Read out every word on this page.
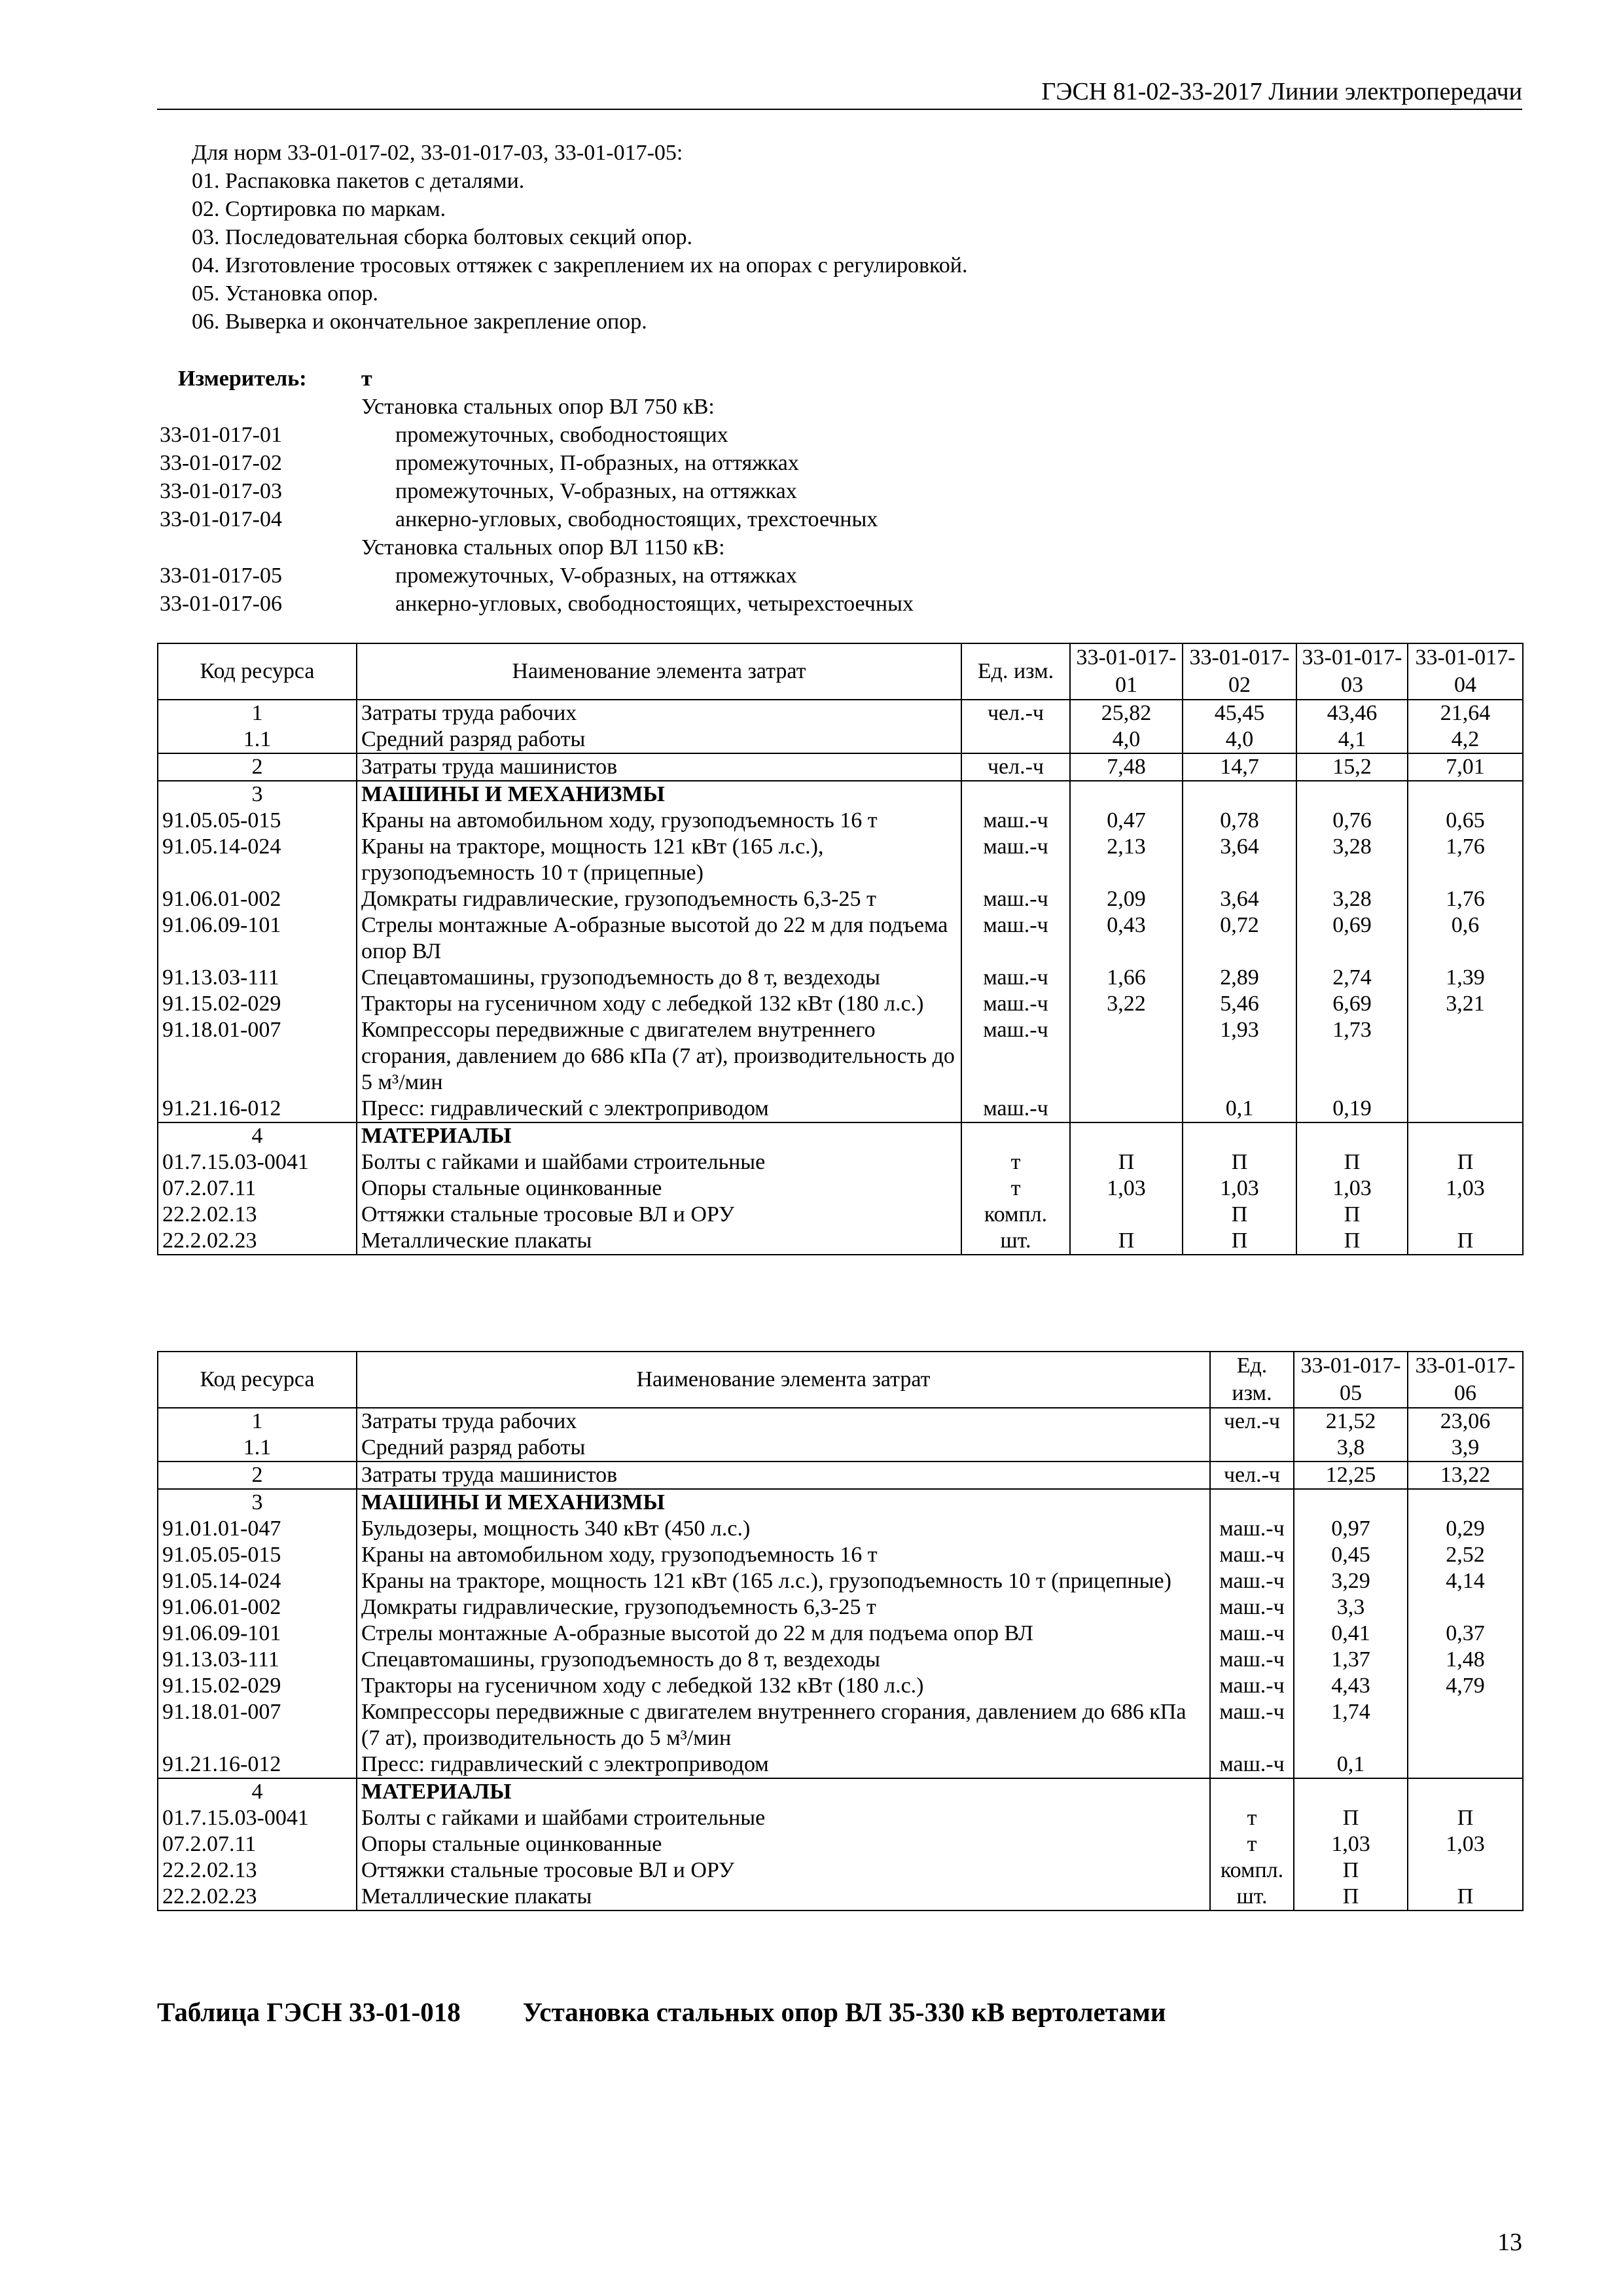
ГЭСН 81-02-33-2017 Линии электропередачи
Для норм 33-01-017-02, 33-01-017-03, 33-01-017-05:
01. Распаковка пакетов с деталями.
02. Сортировка по маркам.
03. Последовательная сборка болтовых секций опор.
04. Изготовление тросовых оттяжек с закреплением их на опорах с регулировкой.
05. Установка опор.
06. Выверка и окончательное закрепление опор.
Измеритель: т
Установка стальных опор ВЛ 750 кВ:
33-01-017-01	промежуточных, свободностоящих
33-01-017-02	промежуточных, П-образных, на оттяжках
33-01-017-03	промежуточных, V-образных, на оттяжках
33-01-017-04	анкерно-угловых, свободностоящих, трехстоечных
Установка стальных опор ВЛ 1150 кВ:
33-01-017-05	промежуточных, V-образных, на оттяжках
33-01-017-06	анкерно-угловых, свободностоящих, четырехстоечных
Код ресурса	Наименование элемента затрат	Ед. изм.	33-01-017-01	33-01-017-02	33-01-017-03	33-01-017-04
1	Затраты труда рабочих	чел.-ч	25,82	45,45	43,46	21,64
1.1	Средний разряд работы		4,0	4,0	4,1	4,2
2	Затраты труда машинистов	чел.-ч	7,48	14,7	15,2	7,01
3	МАШИНЫ И МЕХАНИЗМЫ					
91.05.05-015	Краны на автомобильном ходу, грузоподъемность 16 т	маш.-ч	0,47	0,78	0,76	0,65
91.05.14-024	Краны на тракторе, мощность 121 кВт (165 л.с.), грузоподъемность 10 т (прицепные)	маш.-ч	2,13	3,64	3,28	1,76
91.06.01-002	Домкраты гидравлические, грузоподъемность 6,3-25 т	маш.-ч	2,09	3,64	3,28	1,76
91.06.09-101	Стрелы монтажные А-образные высотой до 22 м для подъема опор ВЛ	маш.-ч	0,43	0,72	0,69	0,6
91.13.03-111	Спецавтомашины, грузоподъемность до 8 т, вездеходы	маш.-ч	1,66	2,89	2,74	1,39
91.15.02-029	Тракторы на гусеничном ходу с лебедкой 132 кВт (180 л.с.)	маш.-ч	3,22	5,46	6,69	3,21
91.18.01-007	Компрессоры передвижные с двигателем внутреннего сгорания, давлением до 686 кПа (7 ат), производительность до 5 м³/мин	маш.-ч		1,93	1,73	
91.21.16-012	Пресс: гидравлический с электроприводом	маш.-ч		0,1	0,19	
4	МАТЕРИАЛЫ					
01.7.15.03-0041	Болты с гайками и шайбами строительные	т	П	П	П	П
07.2.07.11	Опоры стальные оцинкованные	т	1,03	1,03	1,03	1,03
22.2.02.13	Оттяжки стальные тросовые ВЛ и ОРУ	компл.		П	П	
22.2.02.23	Металлические плакаты	шт.	П	П	П	П
Код ресурса	Наименование элемента затрат	Ед. изм.	33-01-017-05	33-01-017-06
1	Затраты труда рабочих	чел.-ч	21,52	23,06
1.1	Средний разряд работы		3,8	3,9
2	Затраты труда машинистов	чел.-ч	12,25	13,22
3	МАШИНЫ И МЕХАНИЗМЫ			
91.01.01-047	Бульдозеры, мощность 340 кВт (450 л.с.)	маш.-ч	0,97	0,29
91.05.05-015	Краны на автомобильном ходу, грузоподъемность 16 т	маш.-ч	0,45	2,52
91.05.14-024	Краны на тракторе, мощность 121 кВт (165 л.с.), грузоподъемность 10 т (прицепные)	маш.-ч	3,29	4,14
91.06.01-002	Домкраты гидравлические, грузоподъемность 6,3-25 т	маш.-ч	3,3	
91.06.09-101	Стрелы монтажные А-образные высотой до 22 м для подъема опор ВЛ	маш.-ч	0,41	0,37
91.13.03-111	Спецавтомашины, грузоподъемность до 8 т, вездеходы	маш.-ч	1,37	1,48
91.15.02-029	Тракторы на гусеничном ходу с лебедкой 132 кВт (180 л.с.)	маш.-ч	4,43	4,79
91.18.01-007	Компрессоры передвижные с двигателем внутреннего сгорания, давлением до 686 кПа (7 ат), производительность до 5 м³/мин	маш.-ч	1,74	
91.21.16-012	Пресс: гидравлический с электроприводом	маш.-ч	0,1	
4	МАТЕРИАЛЫ			
01.7.15.03-0041	Болты с гайками и шайбами строительные	т	П	П
07.2.07.11	Опоры стальные оцинкованные	т	1,03	1,03
22.2.02.13	Оттяжки стальные тросовые ВЛ и ОРУ	компл.	П	
22.2.02.23	Металлические плакаты	шт.	П	П
Таблица ГЭСН 33-01-018 Установка стальных опор ВЛ 35-330 кВ вертолетами
13
